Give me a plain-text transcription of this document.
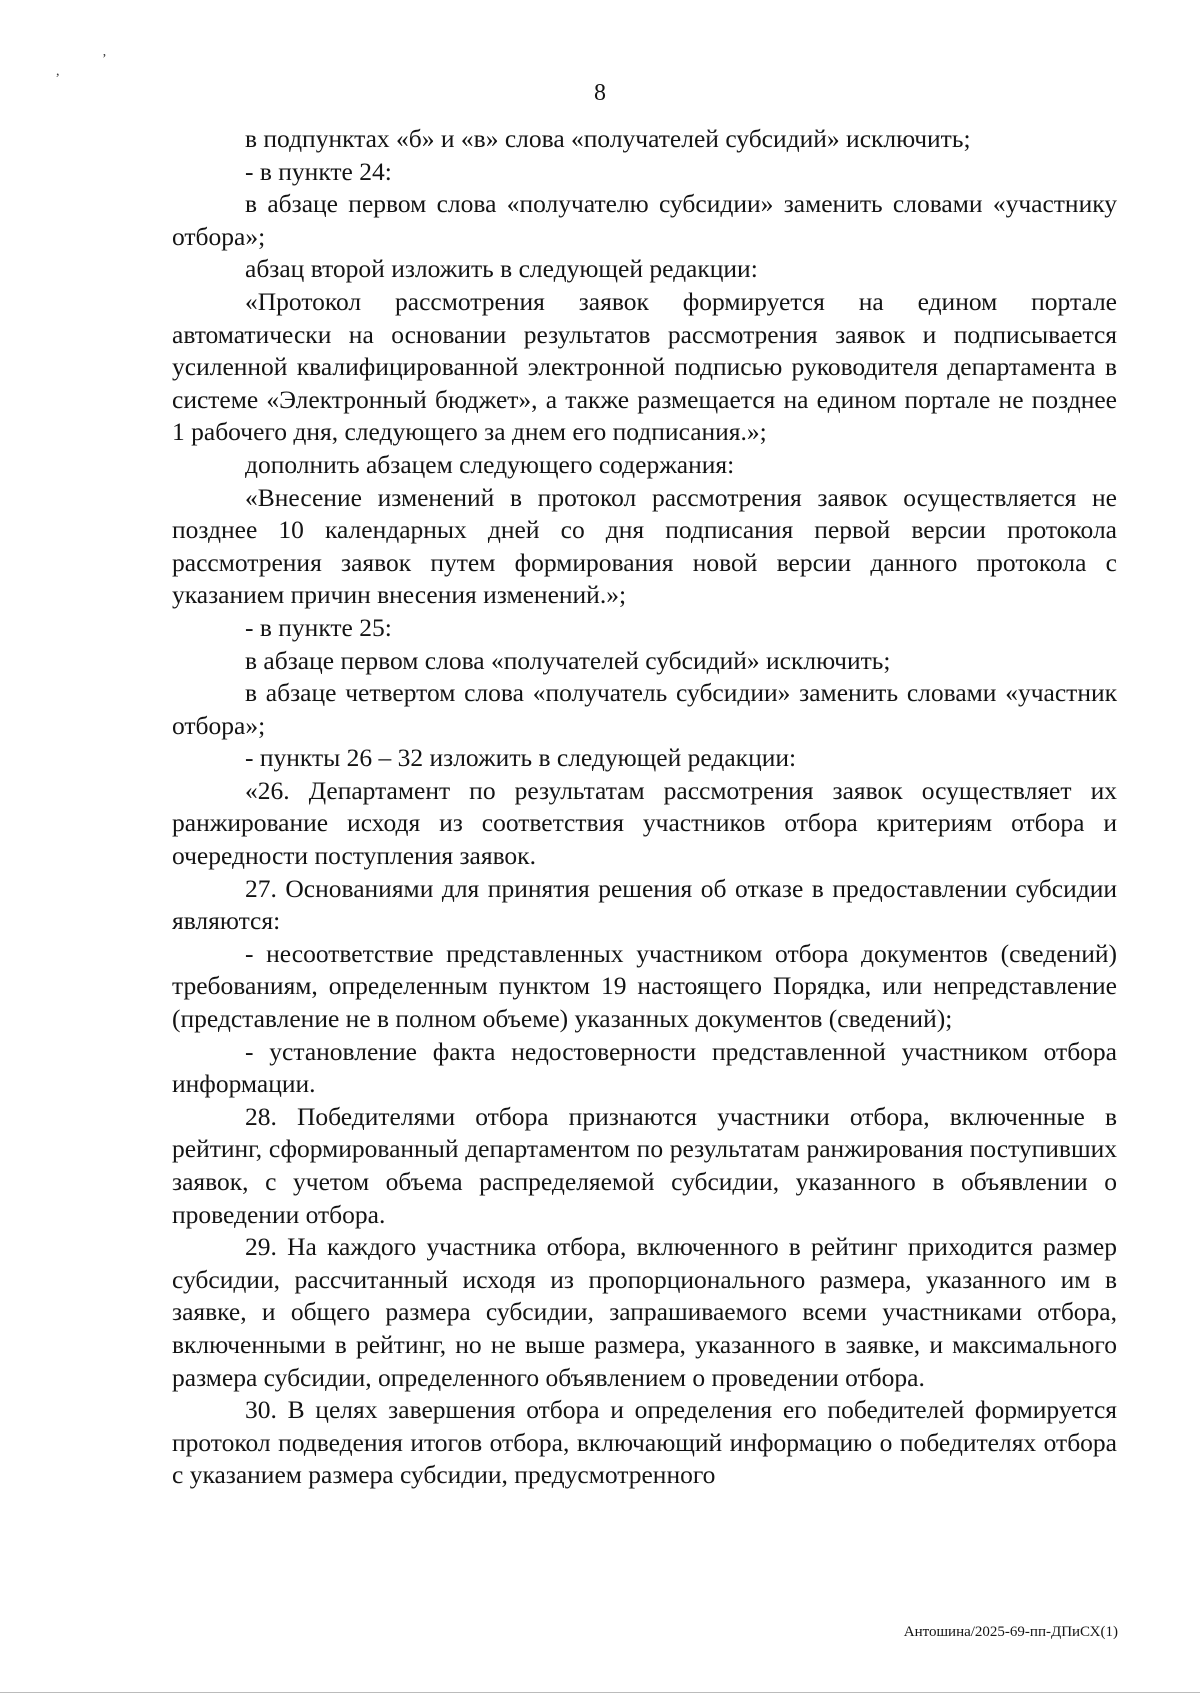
,
ʼ
8

в подпунктах «б» и «в» слова «получателей субсидий» исключить;

- в пункте 24:

в абзаце первом слова «получателю субсидии» заменить словами «участнику отбора»;

абзац второй изложить в следующей редакции:

«Протокол рассмотрения заявок формируется на едином портале автоматически на основании результатов рассмотрения заявок и подписывается усиленной квалифицированной электронной подписью руководителя департамента в системе «Электронный бюджет», а также размещается на едином портале не позднее 1 рабочего дня, следующего за днем его подписания.»;

дополнить абзацем следующего содержания:

«Внесение изменений в протокол рассмотрения заявок осуществляется не позднее 10 календарных дней со дня подписания первой версии протокола рассмотрения заявок путем формирования новой версии данного протокола с указанием причин внесения изменений.»;

- в пункте 25:

в абзаце первом слова «получателей субсидий» исключить;

в абзаце четвертом слова «получатель субсидии» заменить словами «участник отбора»;

- пункты 26 – 32 изложить в следующей редакции:

«26. Департамент по результатам рассмотрения заявок осуществляет их ранжирование исходя из соответствия участников отбора критериям отбора и очередности поступления заявок.

27. Основаниями для принятия решения об отказе в предоставлении субсидии являются:

- несоответствие представленных участником отбора документов (сведений) требованиям, определенным пунктом 19 настоящего Порядка, или непредставление (представление не в полном объеме) указанных документов (сведений);

- установление факта недостоверности представленной участником отбора информации.

28. Победителями отбора признаются участники отбора, включенные в рейтинг, сформированный департаментом по результатам ранжирования поступивших заявок, с учетом объема распределяемой субсидии, указанного в объявлении о проведении отбора.

29. На каждого участника отбора, включенного в рейтинг приходится размер субсидии, рассчитанный исходя из пропорционального размера, указанного им в заявке, и общего размера субсидии, запрашиваемого всеми участниками отбора, включенными в рейтинг, но не выше размера, указанного в заявке, и максимального размера субсидии, определенного объявлением о проведении отбора.

30. В целях завершения отбора и определения его победителей формируется протокол подведения итогов отбора, включающий информацию о победителях отбора с указанием размера субсидии, предусмотренного

Антошина/2025-69-пп-ДПиСХ(1)
